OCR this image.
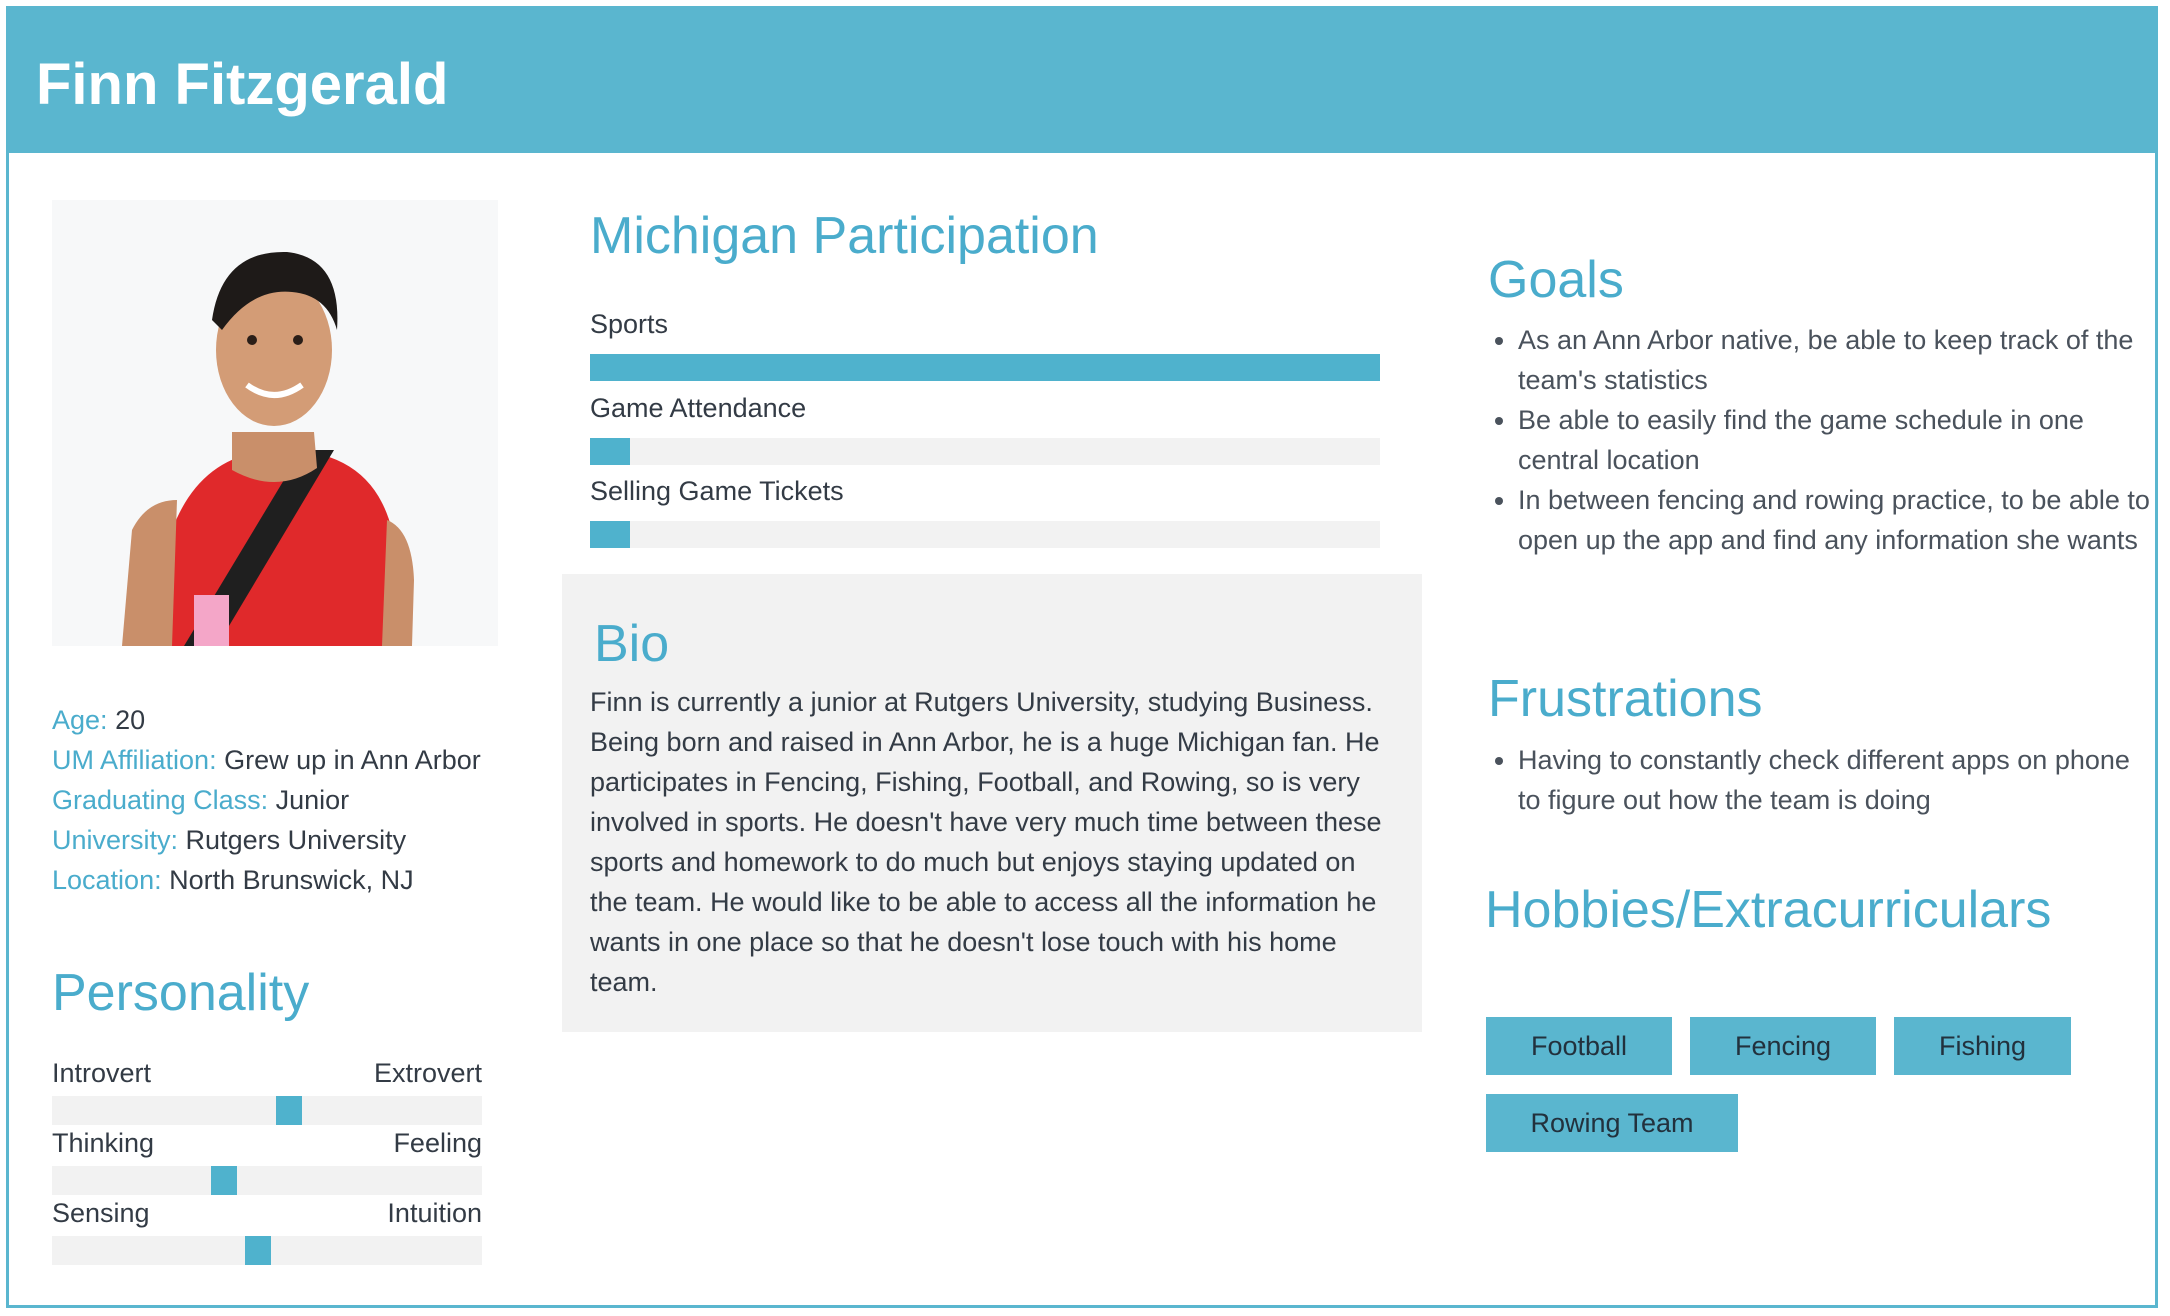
Finn Fitzgerald
Age: 20
UM Affiliation: Grew up in Ann Arbor
Graduating Class: Junior
University: Rutgers University
Location: North Brunswick, NJ
Personality
Introvert	Extrovert
Thinking	Feeling
Sensing	Intuition
Michigan Participation
Sports
Game Attendance
Selling Game Tickets
Bio

Finn is currently a junior at Rutgers University, studying Business. Being born and raised in Ann Arbor, he is a huge Michigan fan. He participates in Fencing, Fishing, Football, and Rowing, so is very involved in sports. He doesn't have very much time between these sports and homework to do much but enjoys staying updated on the team. He would like to be able to access all the information he wants in one place so that he doesn't lose touch with his home team.

Goals
• As an Ann Arbor native, be able to keep track of the team's statistics
• Be able to easily find the game schedule in one central location
• In between fencing and rowing practice, to be able to open up the app and find any information she wants
Frustrations
• Having to constantly check different apps on phone to figure out how the team is doing
Hobbies/Extracurriculars
Football	Fencing	Fishing
Rowing Team
